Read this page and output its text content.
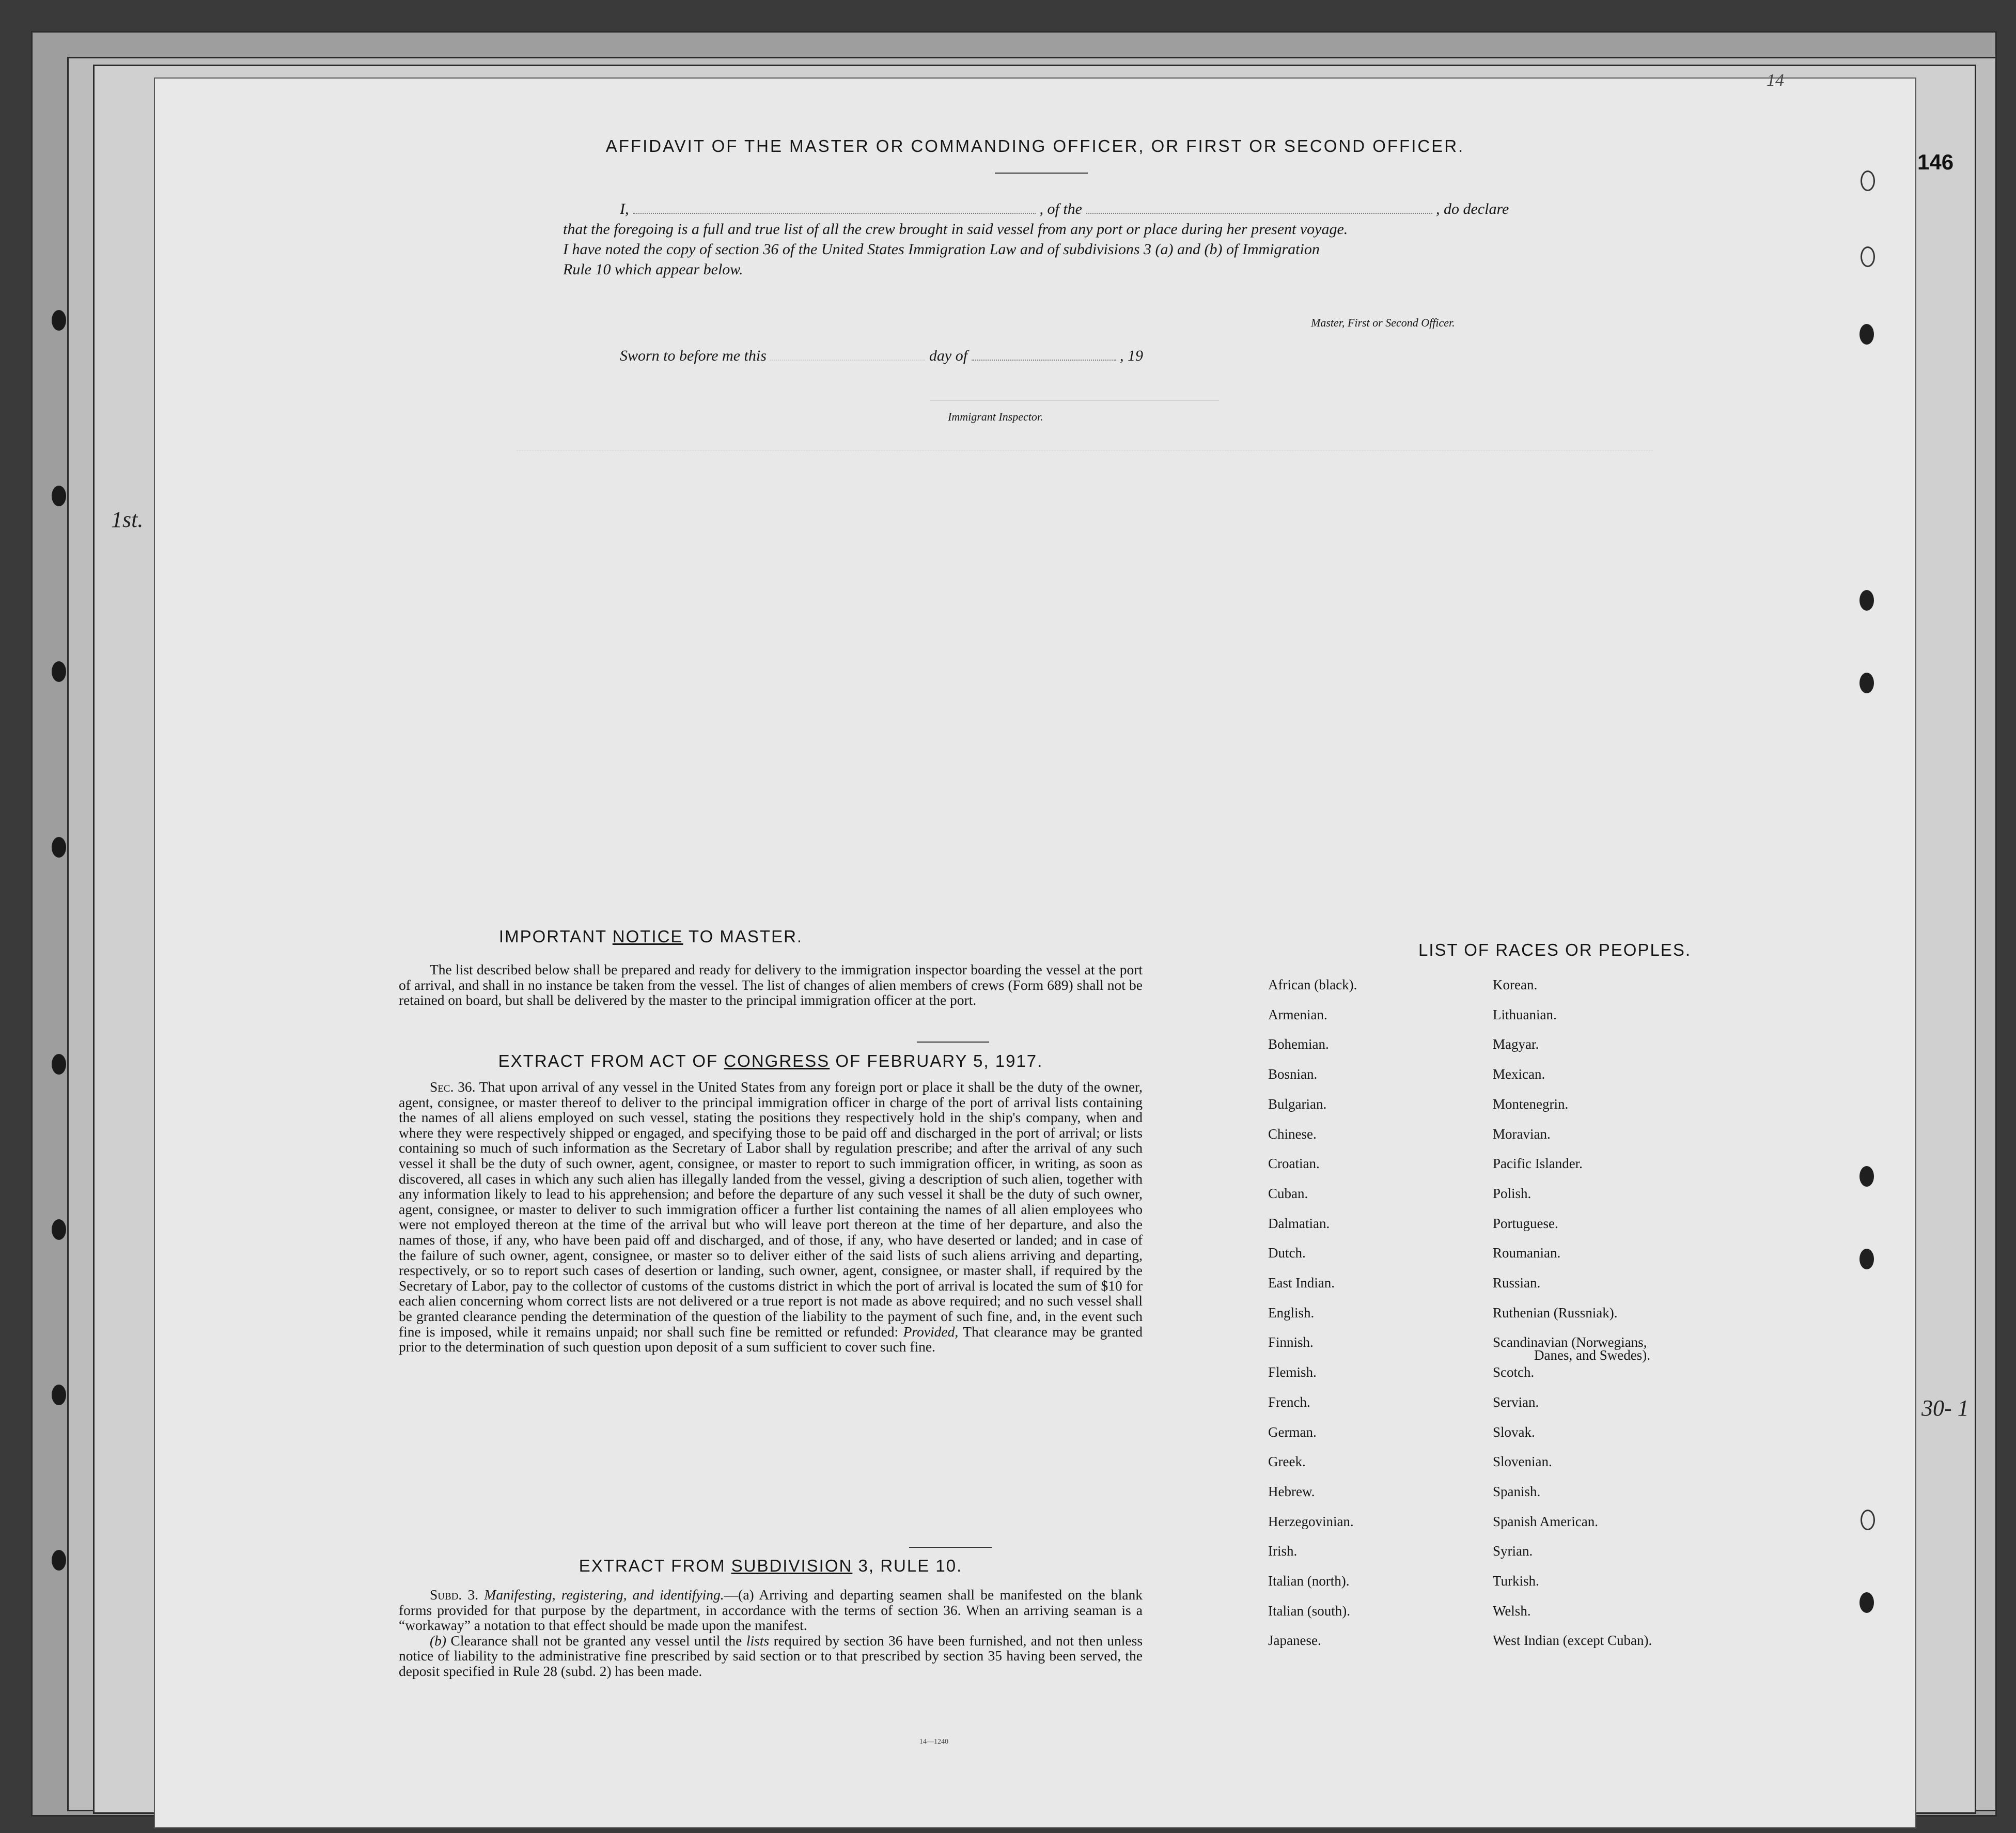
1st.
30- 1
146
14
AFFIDAVIT OF THE MASTER OR COMMANDING OFFICER, OR FIRST OR SECOND OFFICER.
I,	, of the	, do declare
that the foregoing is a full and true list of all the crew brought in said vessel from any port or place during her present voyage.
I have noted the copy of section 36 of the United States Immigration Law and of subdivisions 3 (a) and (b) of Immigration
Rule 10 which appear below.
Master, First or Second Officer.
Sworn to before me this	day of	, 19
Immigrant Inspector.
IMPORTANT NOTICE TO MASTER.

The list described below shall be prepared and ready for delivery to the immigration inspector boarding the vessel at the port of arrival, and shall in no instance be taken from the vessel. The list of changes of alien members of crews (Form 689) shall not be retained on board, but shall be delivered by the master to the principal immigration officer at the port.

EXTRACT FROM ACT OF CONGRESS OF FEBRUARY 5, 1917.

Sec. 36. That upon arrival of any vessel in the United States from any foreign port or place it shall be the duty of the owner, agent, consignee, or master thereof to deliver to the principal immigration officer in charge of the port of arrival lists containing the names of all aliens employed on such vessel, stating the positions they respectively hold in the ship's company, when and where they were respectively shipped or engaged, and specifying those to be paid off and discharged in the port of arrival; or lists containing so much of such information as the Secretary of Labor shall by regulation prescribe; and after the arrival of any such vessel it shall be the duty of such owner, agent, consignee, or master to report to such immigration officer, in writing, as soon as discovered, all cases in which any such alien has illegally landed from the vessel, giving a description of such alien, together with any information likely to lead to his apprehension; and before the departure of any such vessel it shall be the duty of such owner, agent, consignee, or master to deliver to such immigration officer a further list containing the names of all alien employees who were not employed thereon at the time of the arrival but who will leave port thereon at the time of her departure, and also the names of those, if any, who have been paid off and discharged, and of those, if any, who have deserted or landed; and in case of the failure of such owner, agent, consignee, or master so to deliver either of the said lists of such aliens arriving and departing, respectively, or so to report such cases of desertion or landing, such owner, agent, consignee, or master shall, if required by the Secretary of Labor, pay to the collector of customs of the customs district in which the port of arrival is located the sum of $10 for each alien concerning whom correct lists are not delivered or a true report is not made as above required; and no such vessel shall be granted clearance pending the determination of the question of the liability to the payment of such fine, and, in the event such fine is imposed, while it remains unpaid; nor shall such fine be remitted or refunded: Provided, That clearance may be granted prior to the determination of such question upon deposit of a sum sufficient to cover such fine.

EXTRACT FROM SUBDIVISION 3, RULE 10.

Subd. 3. Manifesting, registering, and identifying.—(a) Arriving and departing seamen shall be manifested on the blank forms provided for that purpose by the department, in accordance with the terms of section 36. When an arriving seaman is a “workaway” a notation to that effect should be made upon the manifest.

(b) Clearance shall not be granted any vessel until the lists required by section 36 have been furnished, and not then unless notice of liability to the administrative fine prescribed by said section or to that prescribed by section 35 having been served, the deposit specified in Rule 28 (subd. 2) has been made.

14—1240
LIST OF RACES OR PEOPLES.
African (black).
Armenian.
Bohemian.
Bosnian.
Bulgarian.
Chinese.
Croatian.
Cuban.
Dalmatian.
Dutch.
East Indian.
English.
Finnish.
Flemish.
French.
German.
Greek.
Hebrew.
Herzegovinian.
Irish.
Italian (north).
Italian (south).
Japanese.
Korean.
Lithuanian.
Magyar.
Mexican.
Montenegrin.
Moravian.
Pacific Islander.
Polish.
Portuguese.
Roumanian.
Russian.
Ruthenian (Russniak).
Scandinavian (Norwegians,
Scotch.
Servian.
Slovak.
Slovenian.
Spanish.
Spanish American.
Syrian.
Turkish.
Welsh.
West Indian (except Cuban).
Danes, and Swedes).
